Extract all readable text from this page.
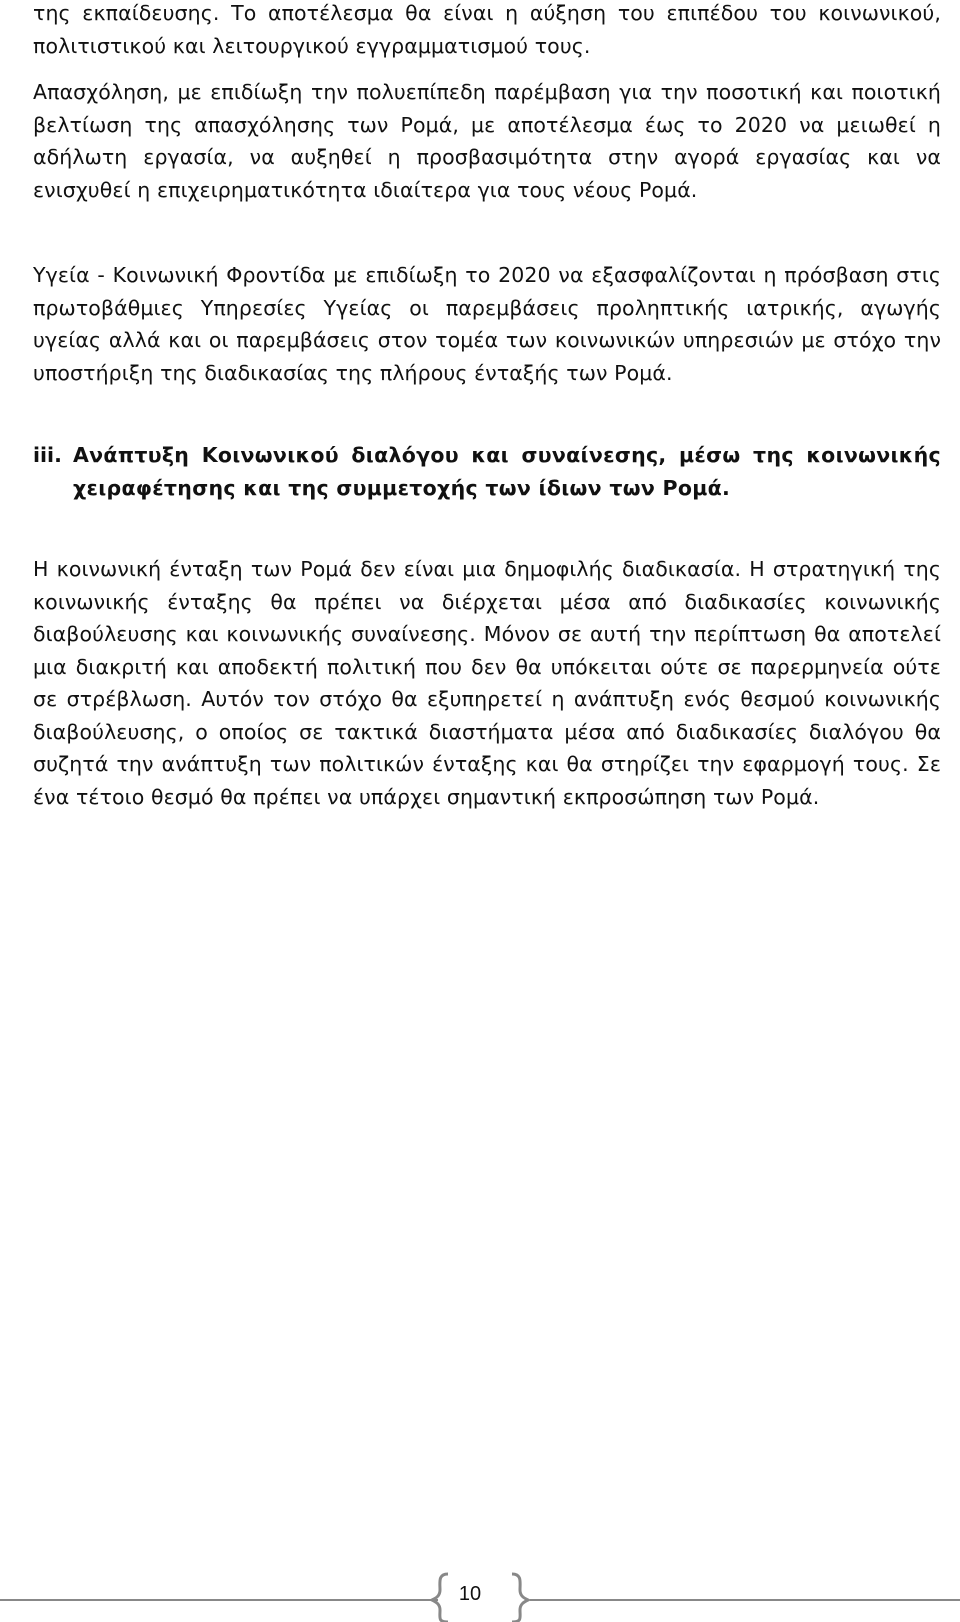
της εκπαίδευσης. Το αποτέλεσμα θα είναι η αύξηση του επιπέδου του κοινωνικού, πολιτιστικού και λειτουργικού εγγραμματισμού τους.

Απασχόληση, με επιδίωξη την πολυεπίπεδη παρέμβαση για την ποσοτική και ποιοτική βελτίωση της απασχόλησης των Ρομά, με αποτέλεσμα έως το 2020 να μειωθεί η αδήλωτη εργασία, να αυξηθεί η προσβασιμότητα στην αγορά εργασίας και να ενισχυθεί η επιχειρηματικότητα ιδιαίτερα για τους νέους Ρομά.

Υγεία - Κοινωνική Φροντίδα με επιδίωξη το 2020 να εξασφαλίζονται η πρόσβαση στις πρωτοβάθμιες Υπηρεσίες Υγείας οι παρεμβάσεις προληπτικής ιατρικής, αγωγής υγείας αλλά και οι παρεμβάσεις στον τομέα των κοινωνικών υπηρεσιών με στόχο την υποστήριξη της διαδικασίας της πλήρους ένταξής των Ρομά.

iii. Ανάπτυξη Κοινωνικού διαλόγου και συναίνεσης, μέσω της κοινωνικής χειραφέτησης και της συμμετοχής των ίδιων των Ρομά.

Η κοινωνική ένταξη των Ρομά δεν είναι μια δημοφιλής διαδικασία. Η στρατηγική της κοινωνικής ένταξης θα πρέπει να διέρχεται μέσα από διαδικασίες κοινωνικής διαβούλευσης και κοινωνικής συναίνεσης. Μόνον σε αυτή την περίπτωση θα αποτελεί μια διακριτή και αποδεκτή πολιτική που δεν θα υπόκειται ούτε σε παρερμηνεία ούτε σε στρέβλωση. Αυτόν τον στόχο θα εξυπηρετεί η ανάπτυξη ενός θεσμού κοινωνικής διαβούλευσης, ο οποίος σε τακτικά διαστήματα μέσα από διαδικασίες διαλόγου θα συζητά την ανάπτυξη των πολιτικών ένταξης και θα στηρίζει την εφαρμογή τους. Σε ένα τέτοιο θεσμό θα πρέπει να υπάρχει σημαντική εκπροσώπηση των Ρομά.

10
